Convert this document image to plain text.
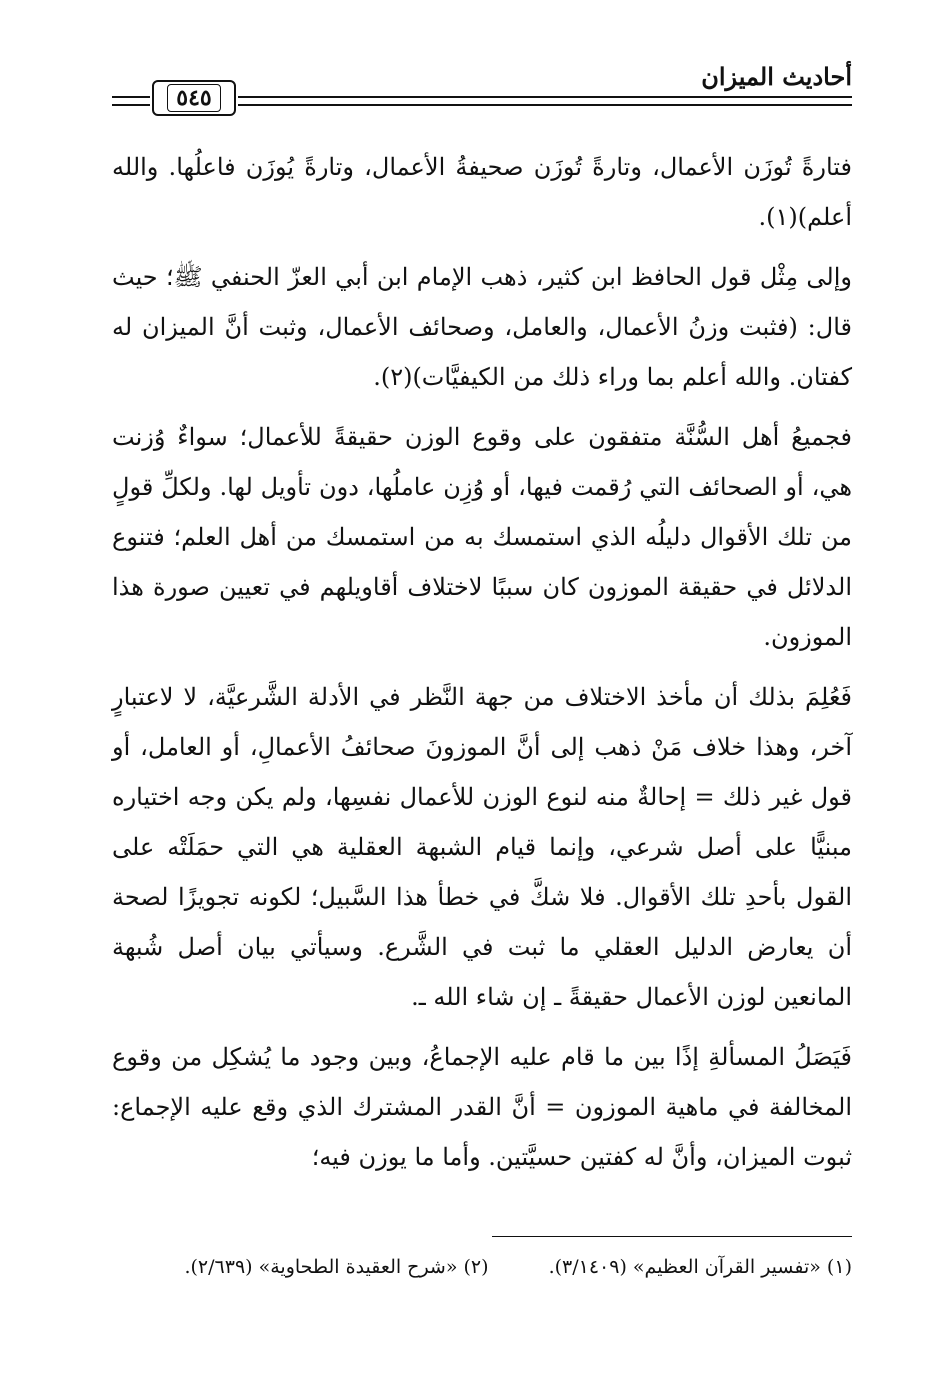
أحاديث الميزان
٥٤٥

فتارةً تُوزَن الأعمال، وتارةً تُوزَن صحيفةُ الأعمال، وتارةً يُوزَن فاعلُها. والله أعلم)(١).

وإلى مِثْل قول الحافظ ابن كثير، ذهب الإمام ابن أبي العزّ الحنفي ﷺ؛ حيث قال: (فثبت وزنُ الأعمال، والعامل، وصحائف الأعمال، وثبت أنَّ الميزان له كفتان. والله أعلم بما وراء ذلك من الكيفيَّات)(٢).

فجميعُ أهل السُّنَّة متفقون على وقوع الوزن حقيقةً للأعمال؛ سواءٌ وُزنت هي، أو الصحائف التي رُقمت فيها، أو وُزِن عاملُها، دون تأويل لها. ولكلِّ قولٍ من تلك الأقوال دليلُه الذي استمسك به من استمسك من أهل العلم؛ فتنوع الدلائل في حقيقة الموزون كان سببًا لاختلاف أقاويلهم في تعيين صورة هذا الموزون.

فَعُلِمَ بذلك أن مأخذ الاختلاف من جهة النَّظر في الأدلة الشَّرعيَّة، لا لاعتبارٍ آخر، وهذا خلاف مَنْ ذهب إلى أنَّ الموزونَ صحائفُ الأعمالِ، أو العامل، أو قول غير ذلك = إحالةٌ منه لنوع الوزن للأعمال نفسِها، ولم يكن وجه اختياره مبنيًّا على أصل شرعي، وإنما قيام الشبهة العقلية هي التي حمَلَتْه على القول بأحدِ تلك الأقوال. فلا شكَّ في خطأ هذا السَّبيل؛ لكونه تجويزًا لصحة أن يعارض الدليل العقلي ما ثبت في الشَّرع. وسيأتي بيان أصل شُبهة المانعين لوزن الأعمال حقيقةً ـ إن شاء الله ـ.

فَيَصَلُ المسألةِ إذًا بين ما قام عليه الإجماعُ، وبين وجود ما يُشكِل من وقوع المخالفة في ماهية الموزون = أنَّ القدر المشترك الذي وقع عليه الإجماع: ثبوت الميزان، وأنَّ له كفتين حسيَّتين. وأما ما يوزن فيه؛

(١) «تفسير القرآن العظيم» (٣/١٤٠٩).
(٢) «شرح العقيدة الطحاوية» (٢/٦٣٩).
